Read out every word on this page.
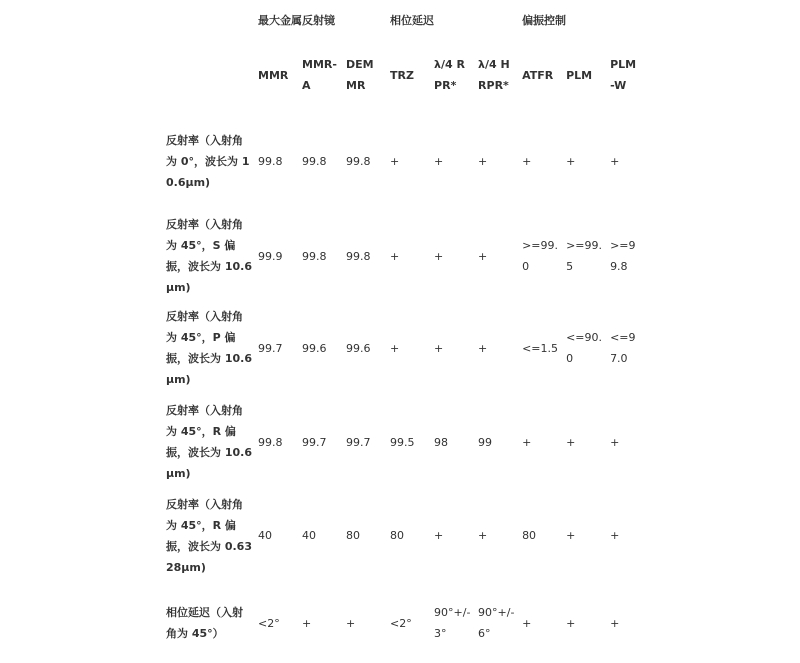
	最大金属反射镜			相位延迟			偏振控制		
	MMR	MMR-A	DEMMR	TRZ	λ/4 RPR*	λ/4 HRPR*	ATFR	PLM	PLM-W
反射率（入射角为 0°，波长为 10.6μm)	99.8	99.8	99.8	+	+	+	+	+	+
反射率（入射角为 45°，S 偏振，波长为 10.6μm)	99.9	99.8	99.8	+	+	+	>=99.0	>=99.5	>=99.8
反射率（入射角为 45°，P 偏振，波长为 10.6μm)	99.7	99.6	99.6	+	+	+	<=1.5	<=90.0	<=97.0
反射率（入射角为 45°，R 偏振，波长为 10.6μm)	99.8	99.7	99.7	99.5	98	99	+	+	+
反射率（入射角为 45°，R 偏振，波长为 0.6328μm)	40	40	80	80	+	+	80	+	+
相位延迟（入射角为 45°）	<2°	+	+	<2°	90°+/-3°	90°+/-6°	+	+	+
